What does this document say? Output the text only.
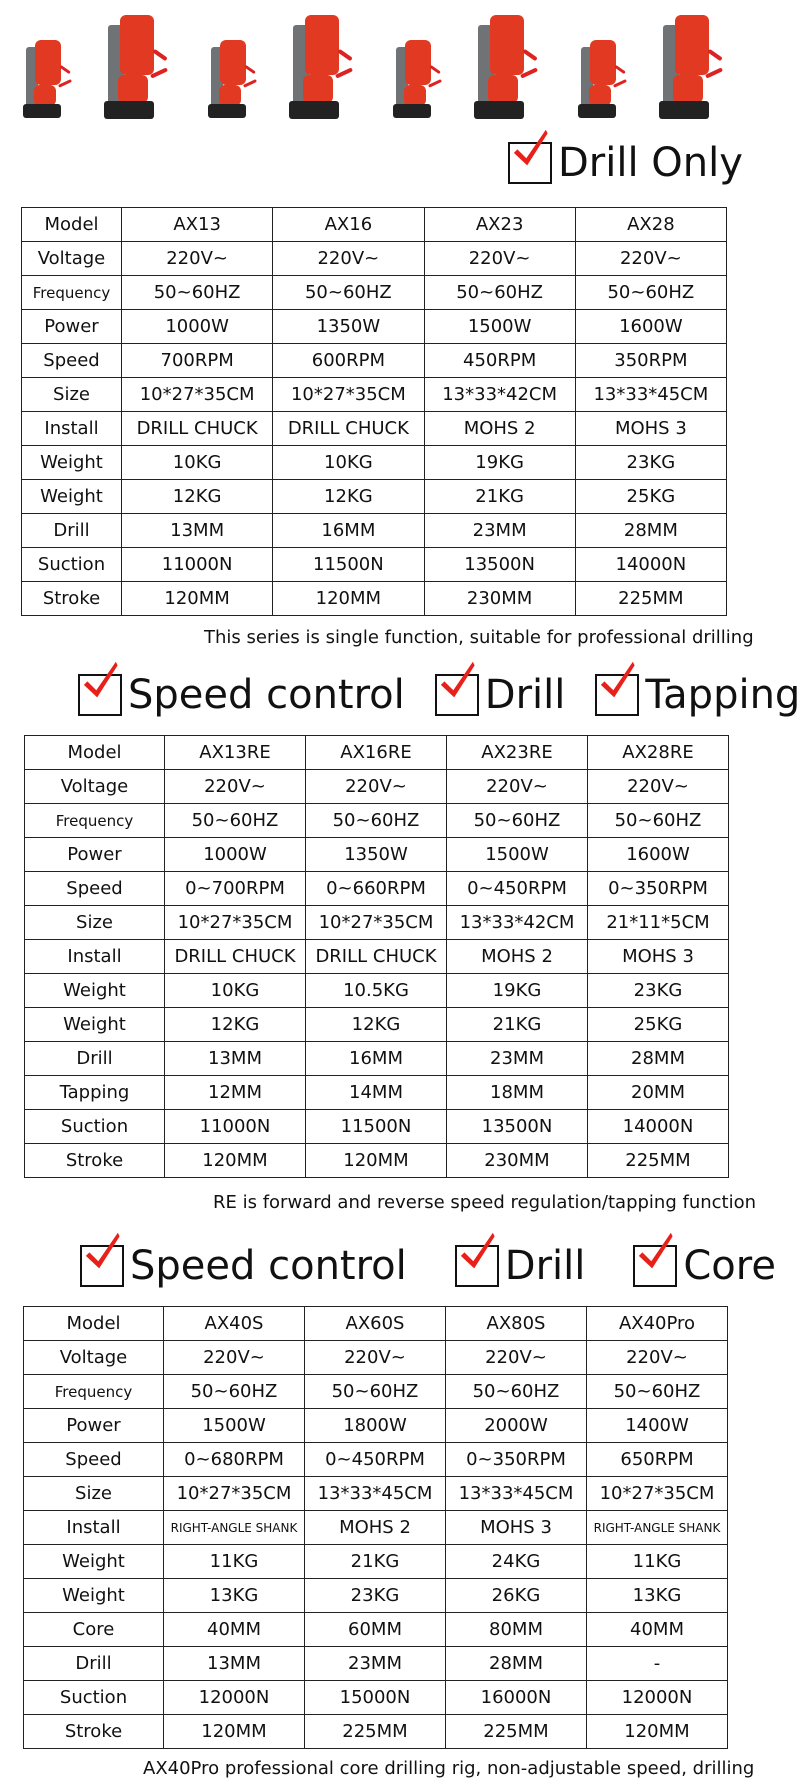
Drill Only
Model	AX13	AX16	AX23	AX28
Voltage	220V~	220V~	220V~	220V~
Frequency	50~60HZ	50~60HZ	50~60HZ	50~60HZ
Power	1000W	1350W	1500W	1600W
Speed	700RPM	600RPM	450RPM	350RPM
Size	10*27*35CM	10*27*35CM	13*33*42CM	13*33*45CM
Install	DRILL CHUCK	DRILL CHUCK	MOHS 2	MOHS 3
Weight	10KG	10KG	19KG	23KG
Weight	12KG	12KG	21KG	25KG
Drill	13MM	16MM	23MM	28MM
Suction	11000N	11500N	13500N	14000N
Stroke	120MM	120MM	230MM	225MM
This series is single function, suitable for professional drilling
Speed control Drill Tapping
Model	AX13RE	AX16RE	AX23RE	AX28RE
Voltage	220V~	220V~	220V~	220V~
Frequency	50~60HZ	50~60HZ	50~60HZ	50~60HZ
Power	1000W	1350W	1500W	1600W
Speed	0~700RPM	0~660RPM	0~450RPM	0~350RPM
Size	10*27*35CM	10*27*35CM	13*33*42CM	21*11*5CM
Install	DRILL CHUCK	DRILL CHUCK	MOHS 2	MOHS 3
Weight	10KG	10.5KG	19KG	23KG
Weight	12KG	12KG	21KG	25KG
Drill	13MM	16MM	23MM	28MM
Tapping	12MM	14MM	18MM	20MM
Suction	11000N	11500N	13500N	14000N
Stroke	120MM	120MM	230MM	225MM
RE is forward and reverse speed regulation/tapping function
Speed control Drill Core
Model	AX40S	AX60S	AX80S	AX40Pro
Voltage	220V~	220V~	220V~	220V~
Frequency	50~60HZ	50~60HZ	50~60HZ	50~60HZ
Power	1500W	1800W	2000W	1400W
Speed	0~680RPM	0~450RPM	0~350RPM	650RPM
Size	10*27*35CM	13*33*45CM	13*33*45CM	10*27*35CM
Install	RIGHT-ANGLE SHANK	MOHS 2	MOHS 3	RIGHT-ANGLE SHANK
Weight	11KG	21KG	24KG	11KG
Weight	13KG	23KG	26KG	13KG
Core	40MM	60MM	80MM	40MM
Drill	13MM	23MM	28MM	-
Suction	12000N	15000N	16000N	12000N
Stroke	120MM	225MM	225MM	120MM
AX40Pro professional core drilling rig, non-adjustable speed, drilling
